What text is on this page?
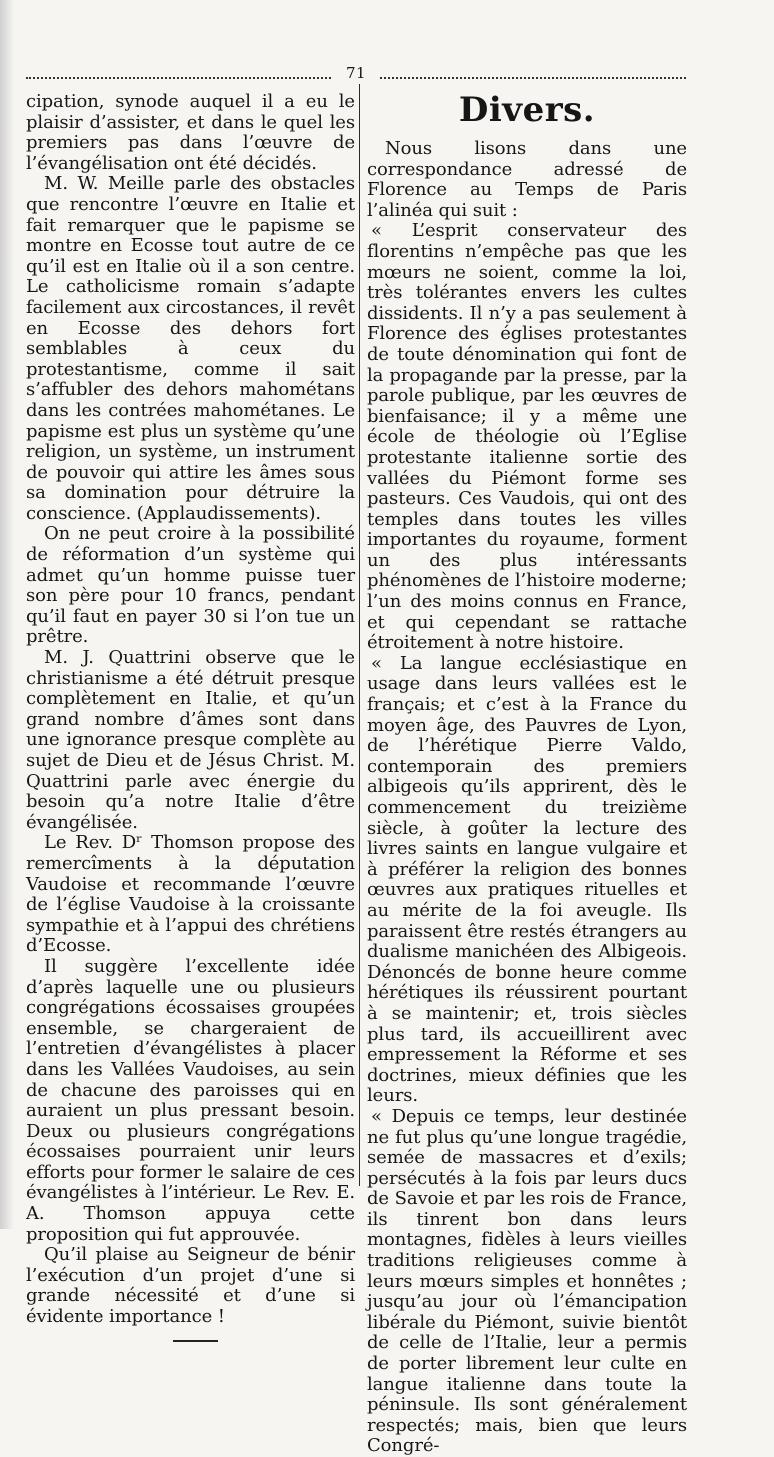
71

cipation, synode auquel il a eu le plaisir d’assister, et dans le quel les premiers pas dans l’œuvre de l’évangélisation ont été décidés.

M. W. Meille parle des obstacles que rencontre l’œuvre en Italie et fait remarquer que le papisme se montre en Ecosse tout autre de ce qu’il est en Italie où il a son centre. Le catholicisme romain s’adapte facilement aux circostances, il revêt en Ecosse des dehors fort semblables à ceux du protestantisme, comme il sait s’affubler des dehors mahométans dans les contrées mahométanes. Le papisme est plus un système qu’une religion, un système, un instrument de pouvoir qui attire les âmes sous sa domination pour détruire la conscience. (Applaudissements).

On ne peut croire à la possibilité de réformation d’un système qui admet qu’un homme puisse tuer son père pour 10 francs, pendant qu’il faut en payer 30 si l’on tue un prêtre.

M. J. Quattrini observe que le christianisme a été détruit presque complètement en Italie, et qu’un grand nombre d’âmes sont dans une ignorance presque complète au sujet de Dieu et de Jésus Christ. M. Quattrini parle avec énergie du besoin qu’a notre Italie d’être évangélisée.

Le Rev. Dʳ Thomson propose des remercîments à la députation Vaudoise et recommande l’œuvre de l’église Vaudoise à la croissante sympathie et à l’appui des chrétiens d’Ecosse.

Il suggère l’excellente idée d’après laquelle une ou plusieurs congrégations écossaises groupées ensemble, se chargeraient de l’entretien d’évangélistes à placer dans les Vallées Vaudoises, au sein de chacune des paroisses qui en auraient un plus pressant besoin. Deux ou plusieurs congrégations écossaises pourraient unir leurs efforts pour former le salaire de ces évangélistes à l’intérieur. Le Rev. E. A. Thomson appuya cette proposition qui fut approuvée.

Qu’il plaise au Seigneur de bénir l’exécution d’un projet d’une si grande nécessité et d’une si évidente importance !

Divers.

Nous lisons dans une correspondance adressé de Florence au Temps de Paris l’alinéa qui suit :

« L’esprit conservateur des florentins n’empêche pas que les mœurs ne soient, comme la loi, très tolérantes envers les cultes dissidents. Il n’y a pas seulement à Florence des églises protestantes de toute dénomination qui font de la propagande par la presse, par la parole publique, par les œuvres de bienfaisance; il y a même une école de théologie où l’Eglise protestante italienne sortie des vallées du Piémont forme ses pasteurs. Ces Vaudois, qui ont des temples dans toutes les villes importantes du royaume, forment un des plus intéressants phénomènes de l’histoire moderne; l’un des moins connus en France, et qui cependant se rattache étroitement à notre histoire.

« La langue ecclésiastique en usage dans leurs vallées est le français; et c’est à la France du moyen âge, des Pauvres de Lyon, de l’hérétique Pierre Valdo, contemporain des premiers albigeois qu’ils apprirent, dès le commencement du treizième siècle, à goûter la lecture des livres saints en langue vulgaire et à préférer la religion des bonnes œuvres aux pratiques rituelles et au mérite de la foi aveugle. Ils paraissent être restés étrangers au dualisme manichéen des Albigeois. Dénoncés de bonne heure comme hérétiques ils réussirent pourtant à se maintenir; et, trois siècles plus tard, ils accueillirent avec empressement la Réforme et ses doctrines, mieux définies que les leurs.

« Depuis ce temps, leur destinée ne fut plus qu’une longue tragédie, semée de massacres et d’exils; persécutés à la fois par leurs ducs de Savoie et par les rois de France, ils tinrent bon dans leurs montagnes, fidèles à leurs vieilles traditions religieuses comme à leurs mœurs simples et honnêtes ; jusqu’au jour où l’émancipation libérale du Piémont, suivie bientôt de celle de l’Italie, leur a permis de porter librement leur culte en langue italienne dans toute la péninsule. Ils sont généralement respectés; mais, bien que leurs Congré-
